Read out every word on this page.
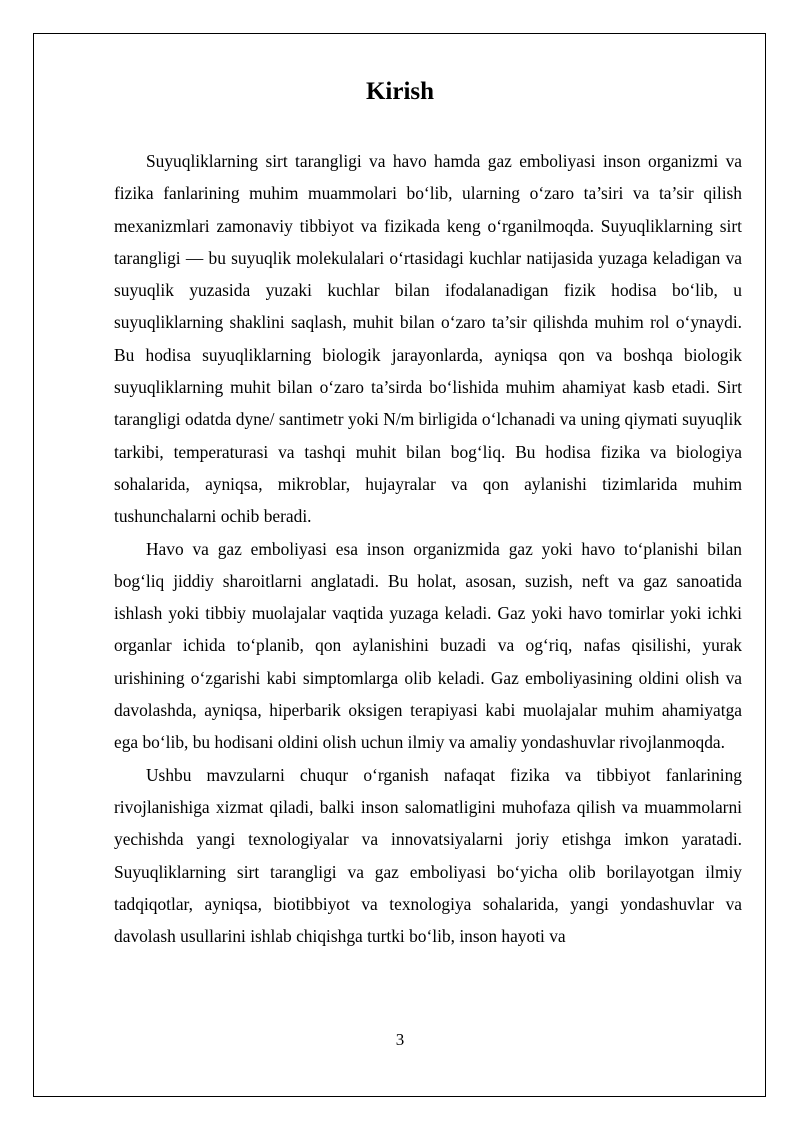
Kirish

Suyuqliklarning sirt tarangligi va havo hamda gaz emboliyasi inson organizmi va fizika fanlarining muhim muammolari bo‘lib, ularning o‘zaro ta’siri va ta’sir qilish mexanizmlari zamonaviy tibbiyot va fizikada keng o‘rganilmoqda. Suyuqliklarning sirt tarangligi — bu suyuqlik molekulalari o‘rtasidagi kuchlar natijasida yuzaga keladigan va suyuqlik yuzasida yuzaki kuchlar bilan ifodalanadigan fizik hodisa bo‘lib, u suyuqliklarning shaklini saqlash, muhit bilan o‘zaro ta’sir qilishda muhim rol o‘ynaydi. Bu hodisa suyuqliklarning biologik jarayonlarda, ayniqsa qon va boshqa biologik suyuqliklarning muhit bilan o‘zaro ta’sirda bo‘lishida muhim ahamiyat kasb etadi. Sirt tarangligi odatda dyne/ santimetr yoki N/m birligida o‘lchanadi va uning qiymati suyuqlik tarkibi, temperaturasi va tashqi muhit bilan bog‘liq. Bu hodisa fizika va biologiya sohalarida, ayniqsa, mikroblar, hujayralar va qon aylanishi tizimlarida muhim tushunchalarni ochib beradi.

Havo va gaz emboliyasi esa inson organizmida gaz yoki havo to‘planishi bilan bog‘liq jiddiy sharoitlarni anglatadi. Bu holat, asosan, suzish, neft va gaz sanoatida ishlash yoki tibbiy muolajalar vaqtida yuzaga keladi. Gaz yoki havo tomirlar yoki ichki organlar ichida to‘planib, qon aylanishini buzadi va og‘riq, nafas qisilishi, yurak urishining o‘zgarishi kabi simptomlarga olib keladi. Gaz emboliyasining oldini olish va davolashda, ayniqsa, hiperbarik oksigen terapiyasi kabi muolajalar muhim ahamiyatga ega bo‘lib, bu hodisani oldini olish uchun ilmiy va amaliy yondashuvlar rivojlanmoqda.

Ushbu mavzularni chuqur o‘rganish nafaqat fizika va tibbiyot fanlarining rivojlanishiga xizmat qiladi, balki inson salomatligini muhofaza qilish va muammolarni yechishda yangi texnologiyalar va innovatsiyalarni joriy etishga imkon yaratadi. Suyuqliklarning sirt tarangligi va gaz emboliyasi bo‘yicha olib borilayotgan ilmiy tadqiqotlar, ayniqsa, biotibbiyot va texnologiya sohalarida, yangi yondashuvlar va davolash usullarini ishlab chiqishga turtki bo‘lib, inson hayoti va

3
